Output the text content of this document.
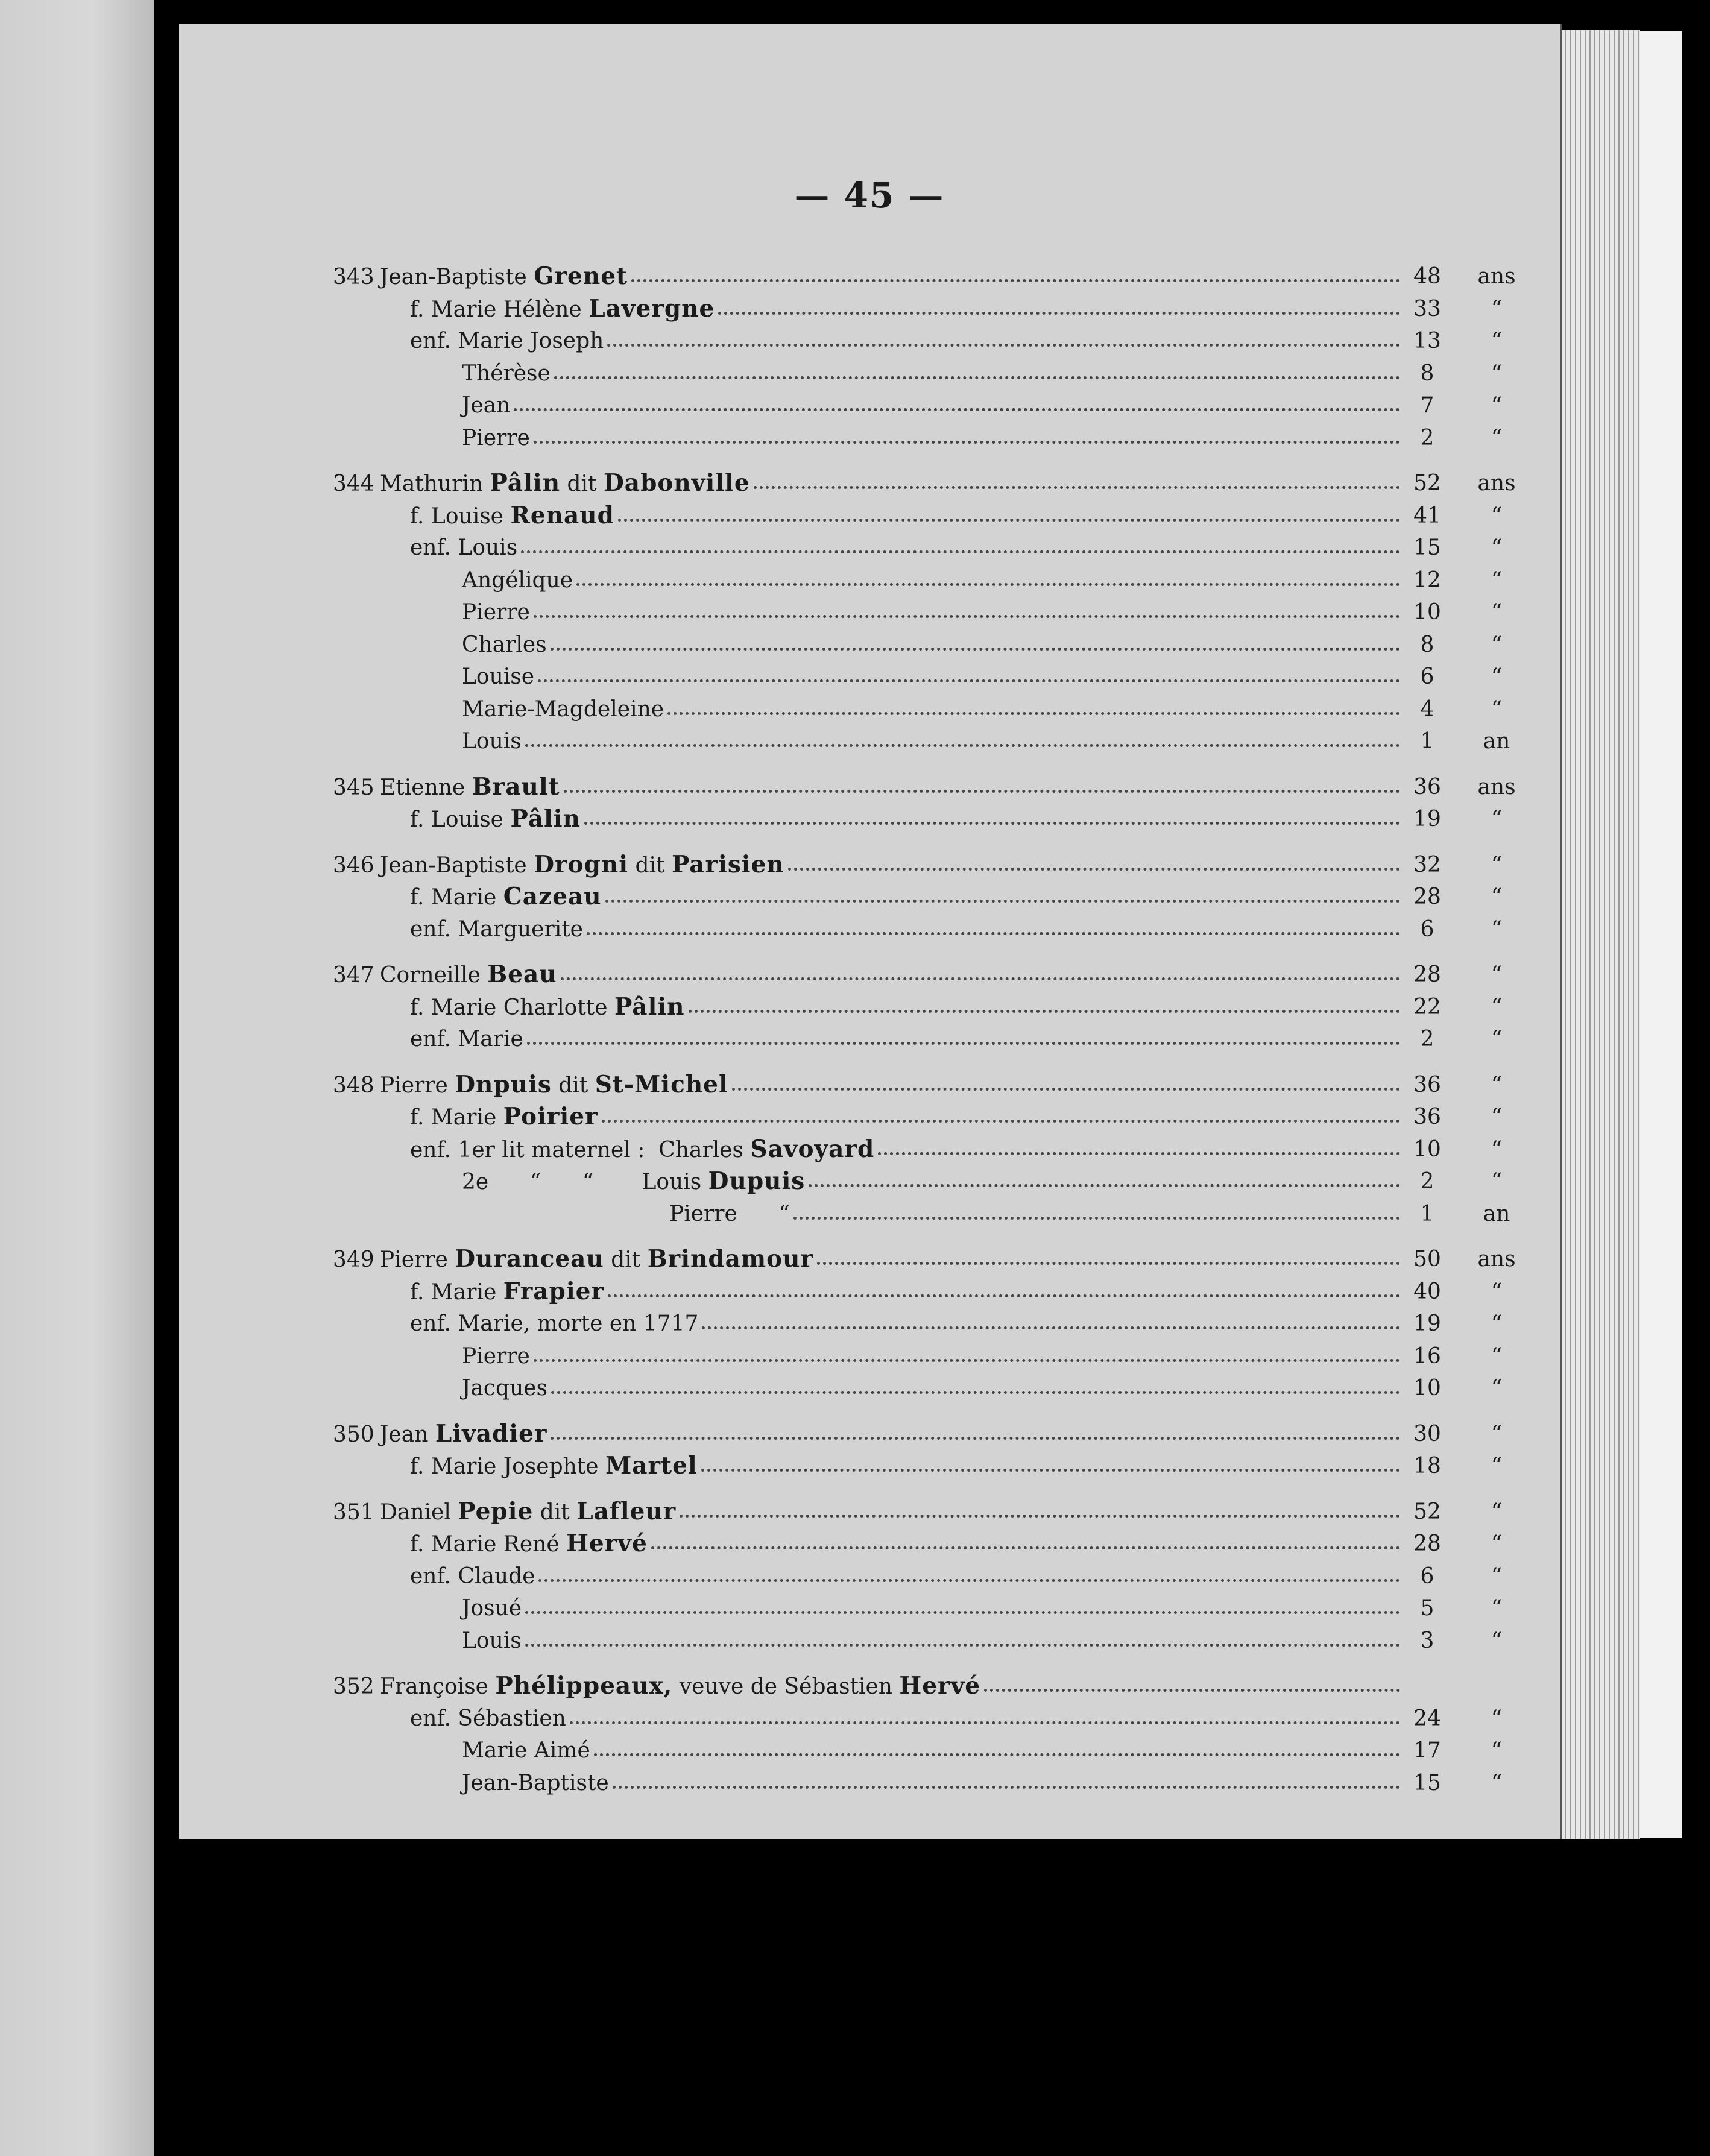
— 45 —
343 Jean-Baptiste Grenet	48	ans
f. Marie Hélène Lavergne	33	“
enf. Marie Joseph	13	“
Thérèse	8	“
Jean	7	“
Pierre	2	“
344 Mathurin Pâlin dit Dabonville	52	ans
f. Louise Renaud	41	“
enf. Louis	15	“
Angélique	12	“
Pierre	10	“
Charles	8	“
Louise	6	“
Marie-Magdeleine	4	“
Louis	1	an
345 Etienne Brault	36	ans
f. Louise Pâlin	19	“
346 Jean-Baptiste Drogni dit Parisien	32	“
f. Marie Cazeau	28	“
enf. Marguerite	6	“
347 Corneille Beau	28	“
f. Marie Charlotte Pâlin	22	“
enf. Marie	2	“
348 Pierre Dnpuis dit St-Michel	36	“
f. Marie Poirier	36	“
enf. 1er lit maternel :  Charles Savoyard	10	“
2e      “      “       Louis Dupuis	2	“
Pierre      “	1	an
349 Pierre Duranceau dit Brindamour	50	ans
f. Marie Frapier	40	“
enf. Marie, morte en 1717	19	“
Pierre	16	“
Jacques	10	“
350 Jean Livadier	30	“
f. Marie Josephte Martel	18	“
351 Daniel Pepie dit Lafleur	52	“
f. Marie René Hervé	28	“
enf. Claude	6	“
Josué	5	“
Louis	3	“
352 Françoise Phélippeaux, veuve de Sébastien Hervé
enf. Sébastien	24	“
Marie Aimé	17	“
Jean-Baptiste	15	“
